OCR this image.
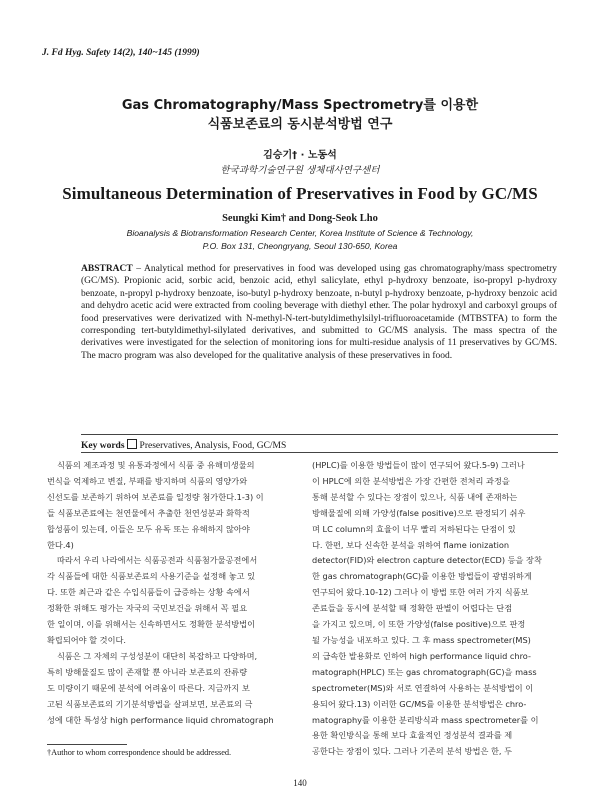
J. Fd Hyg. Safety 14(2), 140~145 (1999)
Gas Chromatography/Mass Spectrometry를 이용한
식품보존료의 동시분석방법 연구
김승기† · 노동석
한국과학기술연구원 생체대사연구센터
Simultaneous Determination of Preservatives in Food by GC/MS
Seungki Kim† and Dong-Seok Lho
Bioanalysis & Biotransformation Research Center, Korea Institute of Science & Technology,
P.O. Box 131, Cheongryang, Seoul 130-650, Korea
ABSTRACT – Analytical method for preservatives in food was developed using gas chromatography/mass spectrometry (GC/MS). Propionic acid, sorbic acid, benzoic acid, ethyl salicylate, ethyl p-hydroxy benzoate, iso-propyl p-hydroxy benzoate, n-propyl p-hydroxy benzoate, iso-butyl p-hydroxy benzoate, n-butyl p-hydroxy benzoate, p-hydroxy benzoic acid and dehydro acetic acid were extracted from cooling beverage with diethyl ether. The polar hydroxyl and carboxyl groups of food preservatives were derivatized with N-methyl-N-tert-butyldimethylsilyl-trifluoroacetamide (MTBSTFA) to form the corresponding tert-butyldimethyl-silylated derivatives, and submitted to GC/MS analysis. The mass spectra of the derivatives were investigated for the selection of monitoring ions for multi-residue analysis of 11 preservatives by GC/MS. The macro program was also developed for the qualitative analysis of these preservatives in food.
Key words Preservatives, Analysis, Food, GC/MS
식품의 제조과정 및 유통과정에서 식품 중 유해미생물의
번식을 억제하고 변질, 부패를 방지하며 식품의 영양가와
신선도를 보존하기 위하여 보존료를 일정량 첨가한다.1-3) 이
들 식품보존료에는 천연물에서 추출한 천연성분과 화학적
합성품이 있는데, 이들은 모두 유독 또는 유해하지 않아야
한다.4)
따라서 우리 나라에서는 식품공전과 식품첨가물공전에서
각 식품들에 대한 식품보존료의 사용기준을 설정해 놓고 있
다. 또한 최근과 같은 수입식품들이 급증하는 상황 속에서
정확한 위해도 평가는 자국의 국민보건을 위해서 꼭 필요
한 일이며, 이를 위해서는 신속하면서도 정확한 분석방법이
확립되어야 할 것이다.
식품은 그 자체의 구성성분이 대단히 복잡하고 다양하며,
특히 방해물질도 많이 존재할 뿐 아니라 보존료의 잔류량
도 미량이기 때문에 분석에 어려움이 따른다. 지금까지 보
고된 식품보존료의 기기분석방법을 살펴보면, 보존료의 극
성에 대한 특성상 high performance liquid chromatograph
(HPLC)를 이용한 방법들이 많이 연구되어 왔다.5-9) 그러나
이 HPLC에 의한 분석방법은 가장 간편한 전처리 과정을
통해 분석할 수 있다는 장점이 있으나, 식품 내에 존재하는
방해물질에 의해 가양성(false positive)으로 판정되기 쉬우
며 LC column의 효율이 너무 빨리 저하된다는 단점이 있
다. 한편, 보다 신속한 분석을 위하여 flame ionization
detector(FID)와 electron capture detector(ECD) 등을 장착
한 gas chromatograph(GC)를 이용한 방법들이 광범위하게
연구되어 왔다.10-12) 그러나 이 방법 또한 여러 가지 식품보
존료들을 동시에 분석할 때 정확한 판별이 어렵다는 단점
을 가지고 있으며, 이 또한 가양성(false positive)으로 판정
될 가능성을 내포하고 있다. 그 후 mass spectrometer(MS)
의 급속한 발용화로 인하여 high performance liquid chro-
matograph(HPLC) 또는 gas chromatograph(GC)을 mass
spectrometer(MS)와 서로 연결하여 사용하는 분석방법이 이
용되어 왔다.13) 이러한 GC/MS를 이용한 분석방법은 chro-
matography를 이용한 분리방식과 mass spectrometer를 이
용한 확인방식을 통해 보다 효율적인 정성분석 결과를 제
공한다는 장점이 있다. 그러나 기존의 분석 방법은 한, 두
†Author to whom correspondence should be addressed.
140
